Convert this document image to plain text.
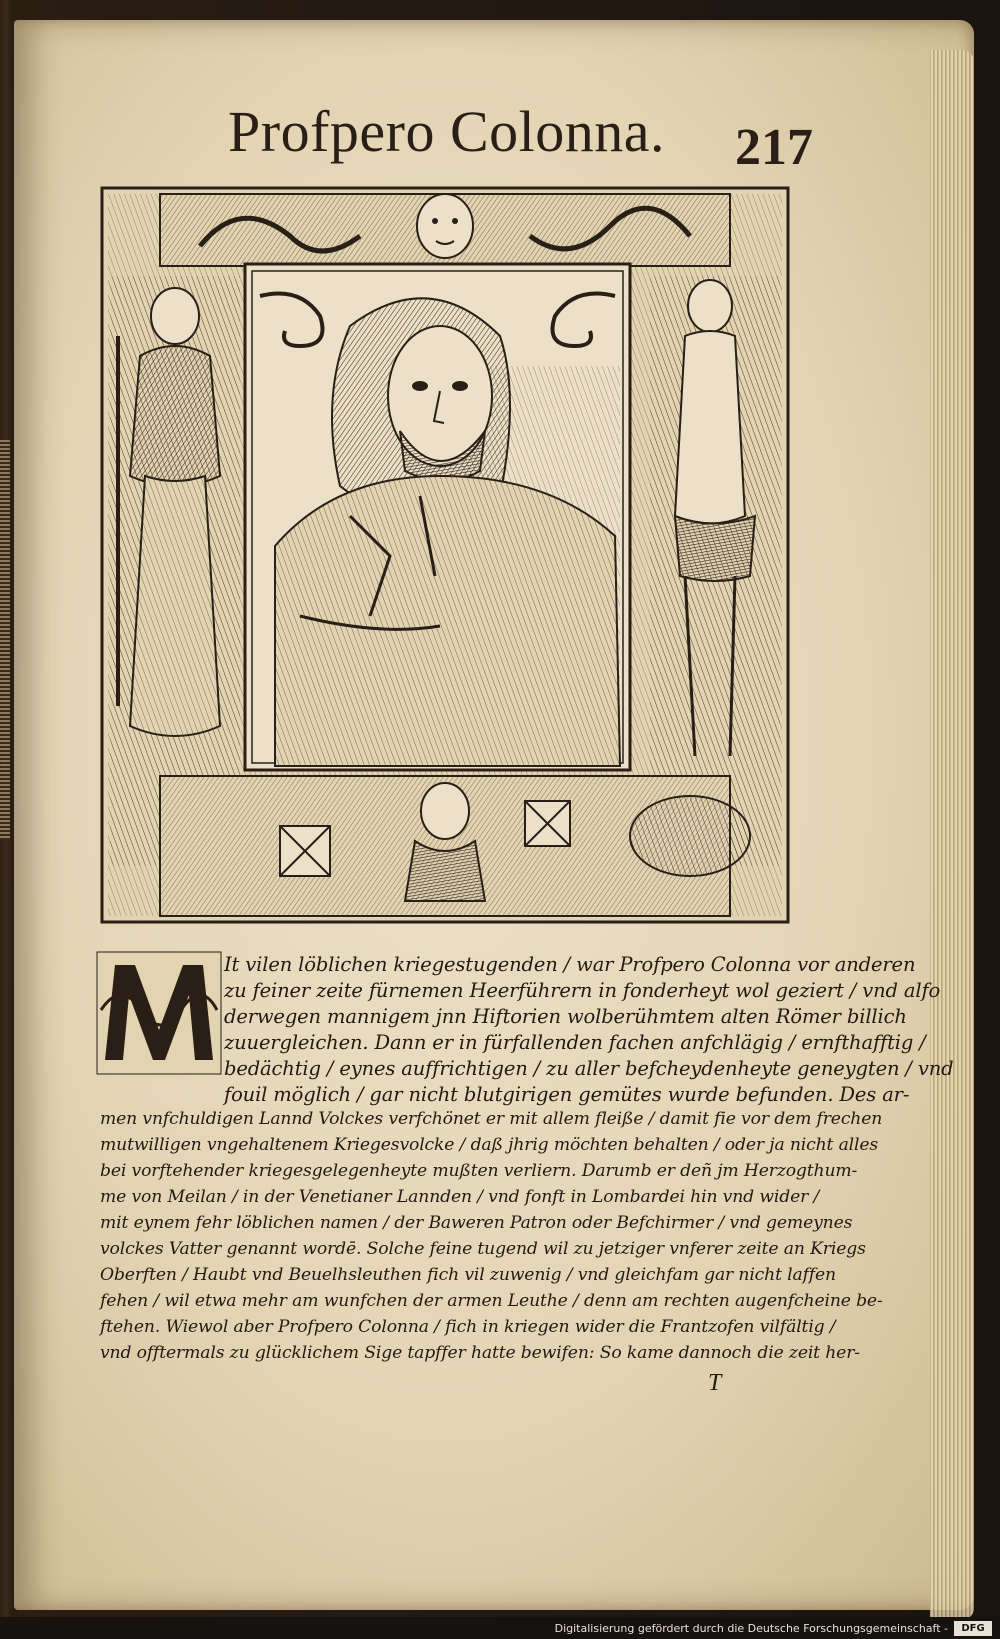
Profpero Colonna. 217
It vilen löblichen kriegestugenden / war Profpero Colonna vor anderen
zu feiner zeite fürnemen Heerführern in fonderheyt wol geziert / vnd alfo
derwegen mannigem jnn Hiftorien wolberühmtem alten Römer billich
zuuergleichen. Dann er in fürfallenden fachen anfchlägig / ernfthafftig /
bedächtig / eynes auffrichtigen / zu aller befcheydenheyte geneygten / vnd
fouil möglich / gar nicht blutgirigen gemütes wurde befunden. Des ar-
men vnfchuldigen Lannd Volckes verfchönet er mit allem fleiße / damit fie vor dem frechen
mutwilligen vngehaltenem Kriegesvolcke / daß jhrig möchten behalten / oder ja nicht alles
bei vorftehender kriegesgelegenheyte mußten verliern. Darumb er deñ jm Herzogthum-
me von Meilan / in der Venetianer Lannden / vnd fonft in Lombardei hin vnd wider /
mit eynem fehr löblichen namen / der Baweren Patron oder Befchirmer / vnd gemeynes
volckes Vatter genannt wordē. Solche feine tugend wil zu jetziger vnferer zeite an Kriegs
Oberften / Haubt vnd Beuelhsleuthen fich vil zuwenig / vnd gleichfam gar nicht laffen
fehen / wil etwa mehr am wunfchen der armen Leuthe / denn am rechten augenfcheine be-
ftehen. Wiewol aber Profpero Colonna / fich in kriegen wider die Frantzofen vilfältig /
vnd offtermals zu glücklichem Sige tapffer hatte bewifen: So kame dannoch die zeit her-
T
Digitalisierung gefördert durch die Deutsche Forschungsgemeinschaft -	DFG
